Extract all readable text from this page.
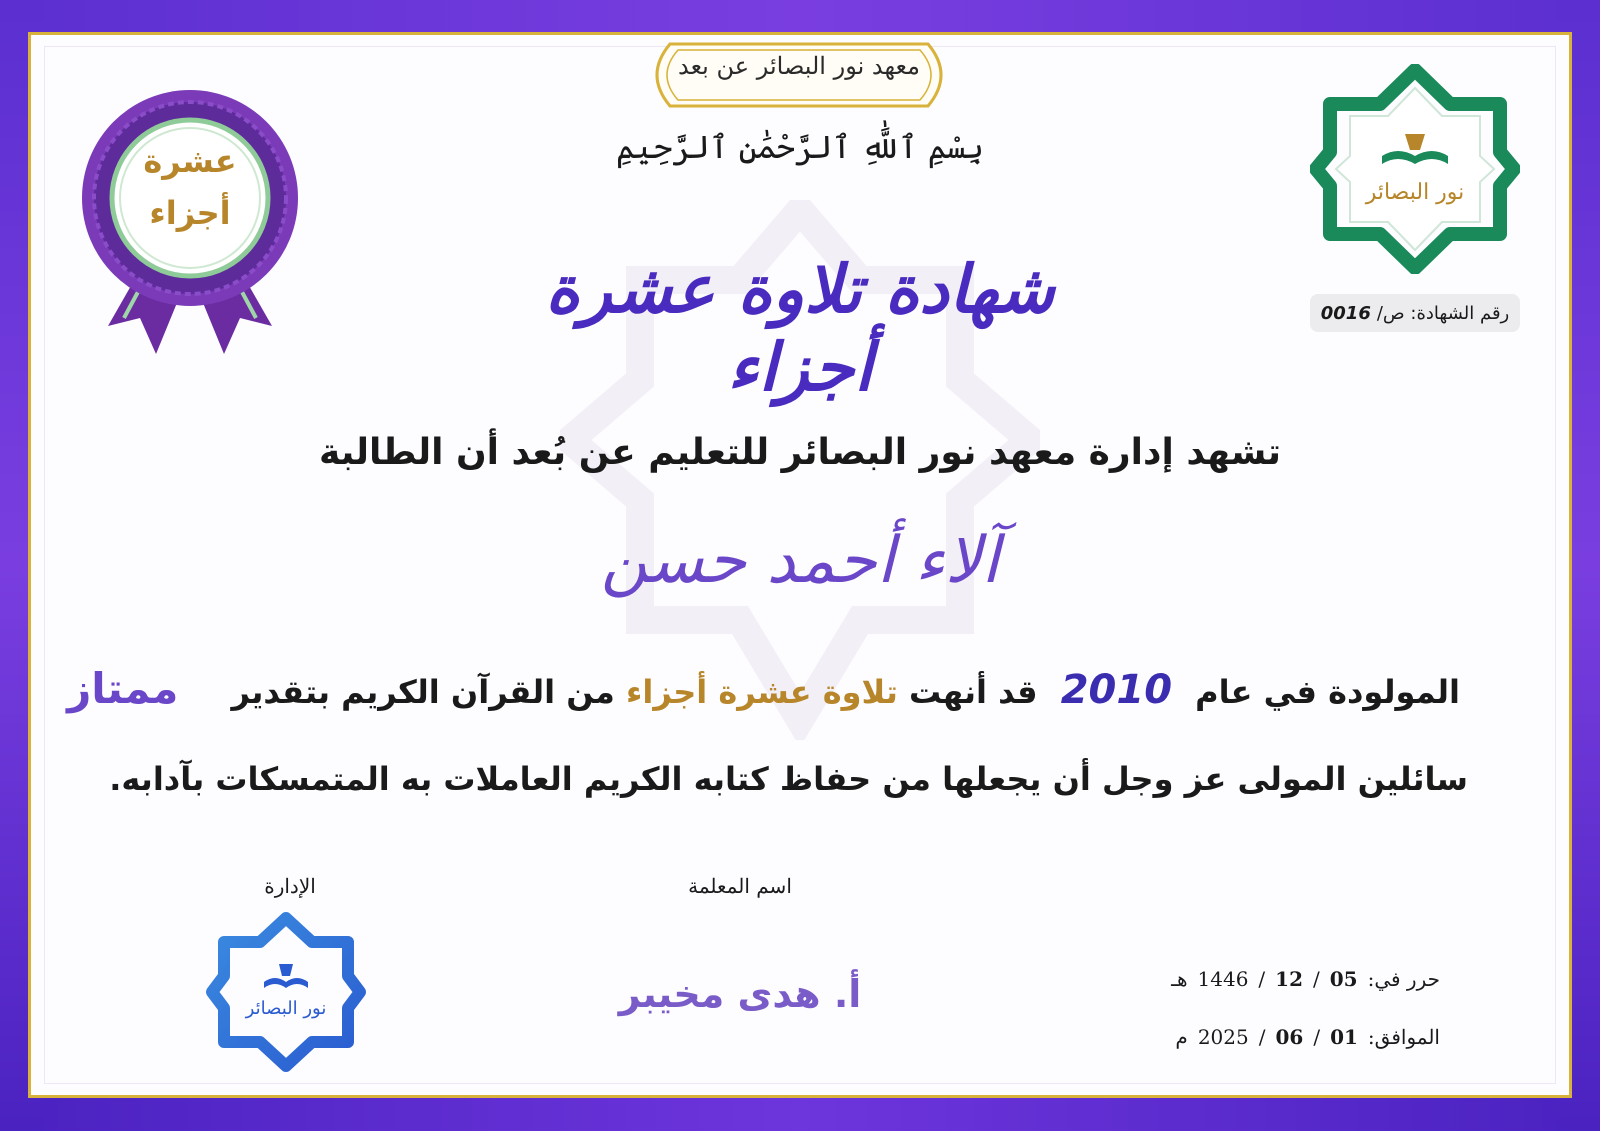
معهد نور البصائر عن بعد
بِسْمِ ٱللَّٰهِ ٱلرَّحْمَٰنِ ٱلرَّحِيمِ
شهادة تلاوة عشرة أجزاء
عشرة
أجزاء
نور البصائر
رقم الشهادة: ص/
0016
تشهد إدارة معهد نور البصائر للتعليم عن بُعد أن الطالبة
آلاء أحمد حسن
المولودة في عام 2010 قد أنهت تلاوة عشرة أجزاء من القرآن الكريم بتقدير ممتاز
سائلين المولى عز وجل أن يجعلها من حفاظ كتابه الكريم العاملات به المتمسكات بآدابه.
الإدارة	اسم المعلمة
أ. هدى مخيبر
نور البصائر
حرر في:
05
/
12
/
1446
هـ
الموافق:
01
/
06
/
2025
م
